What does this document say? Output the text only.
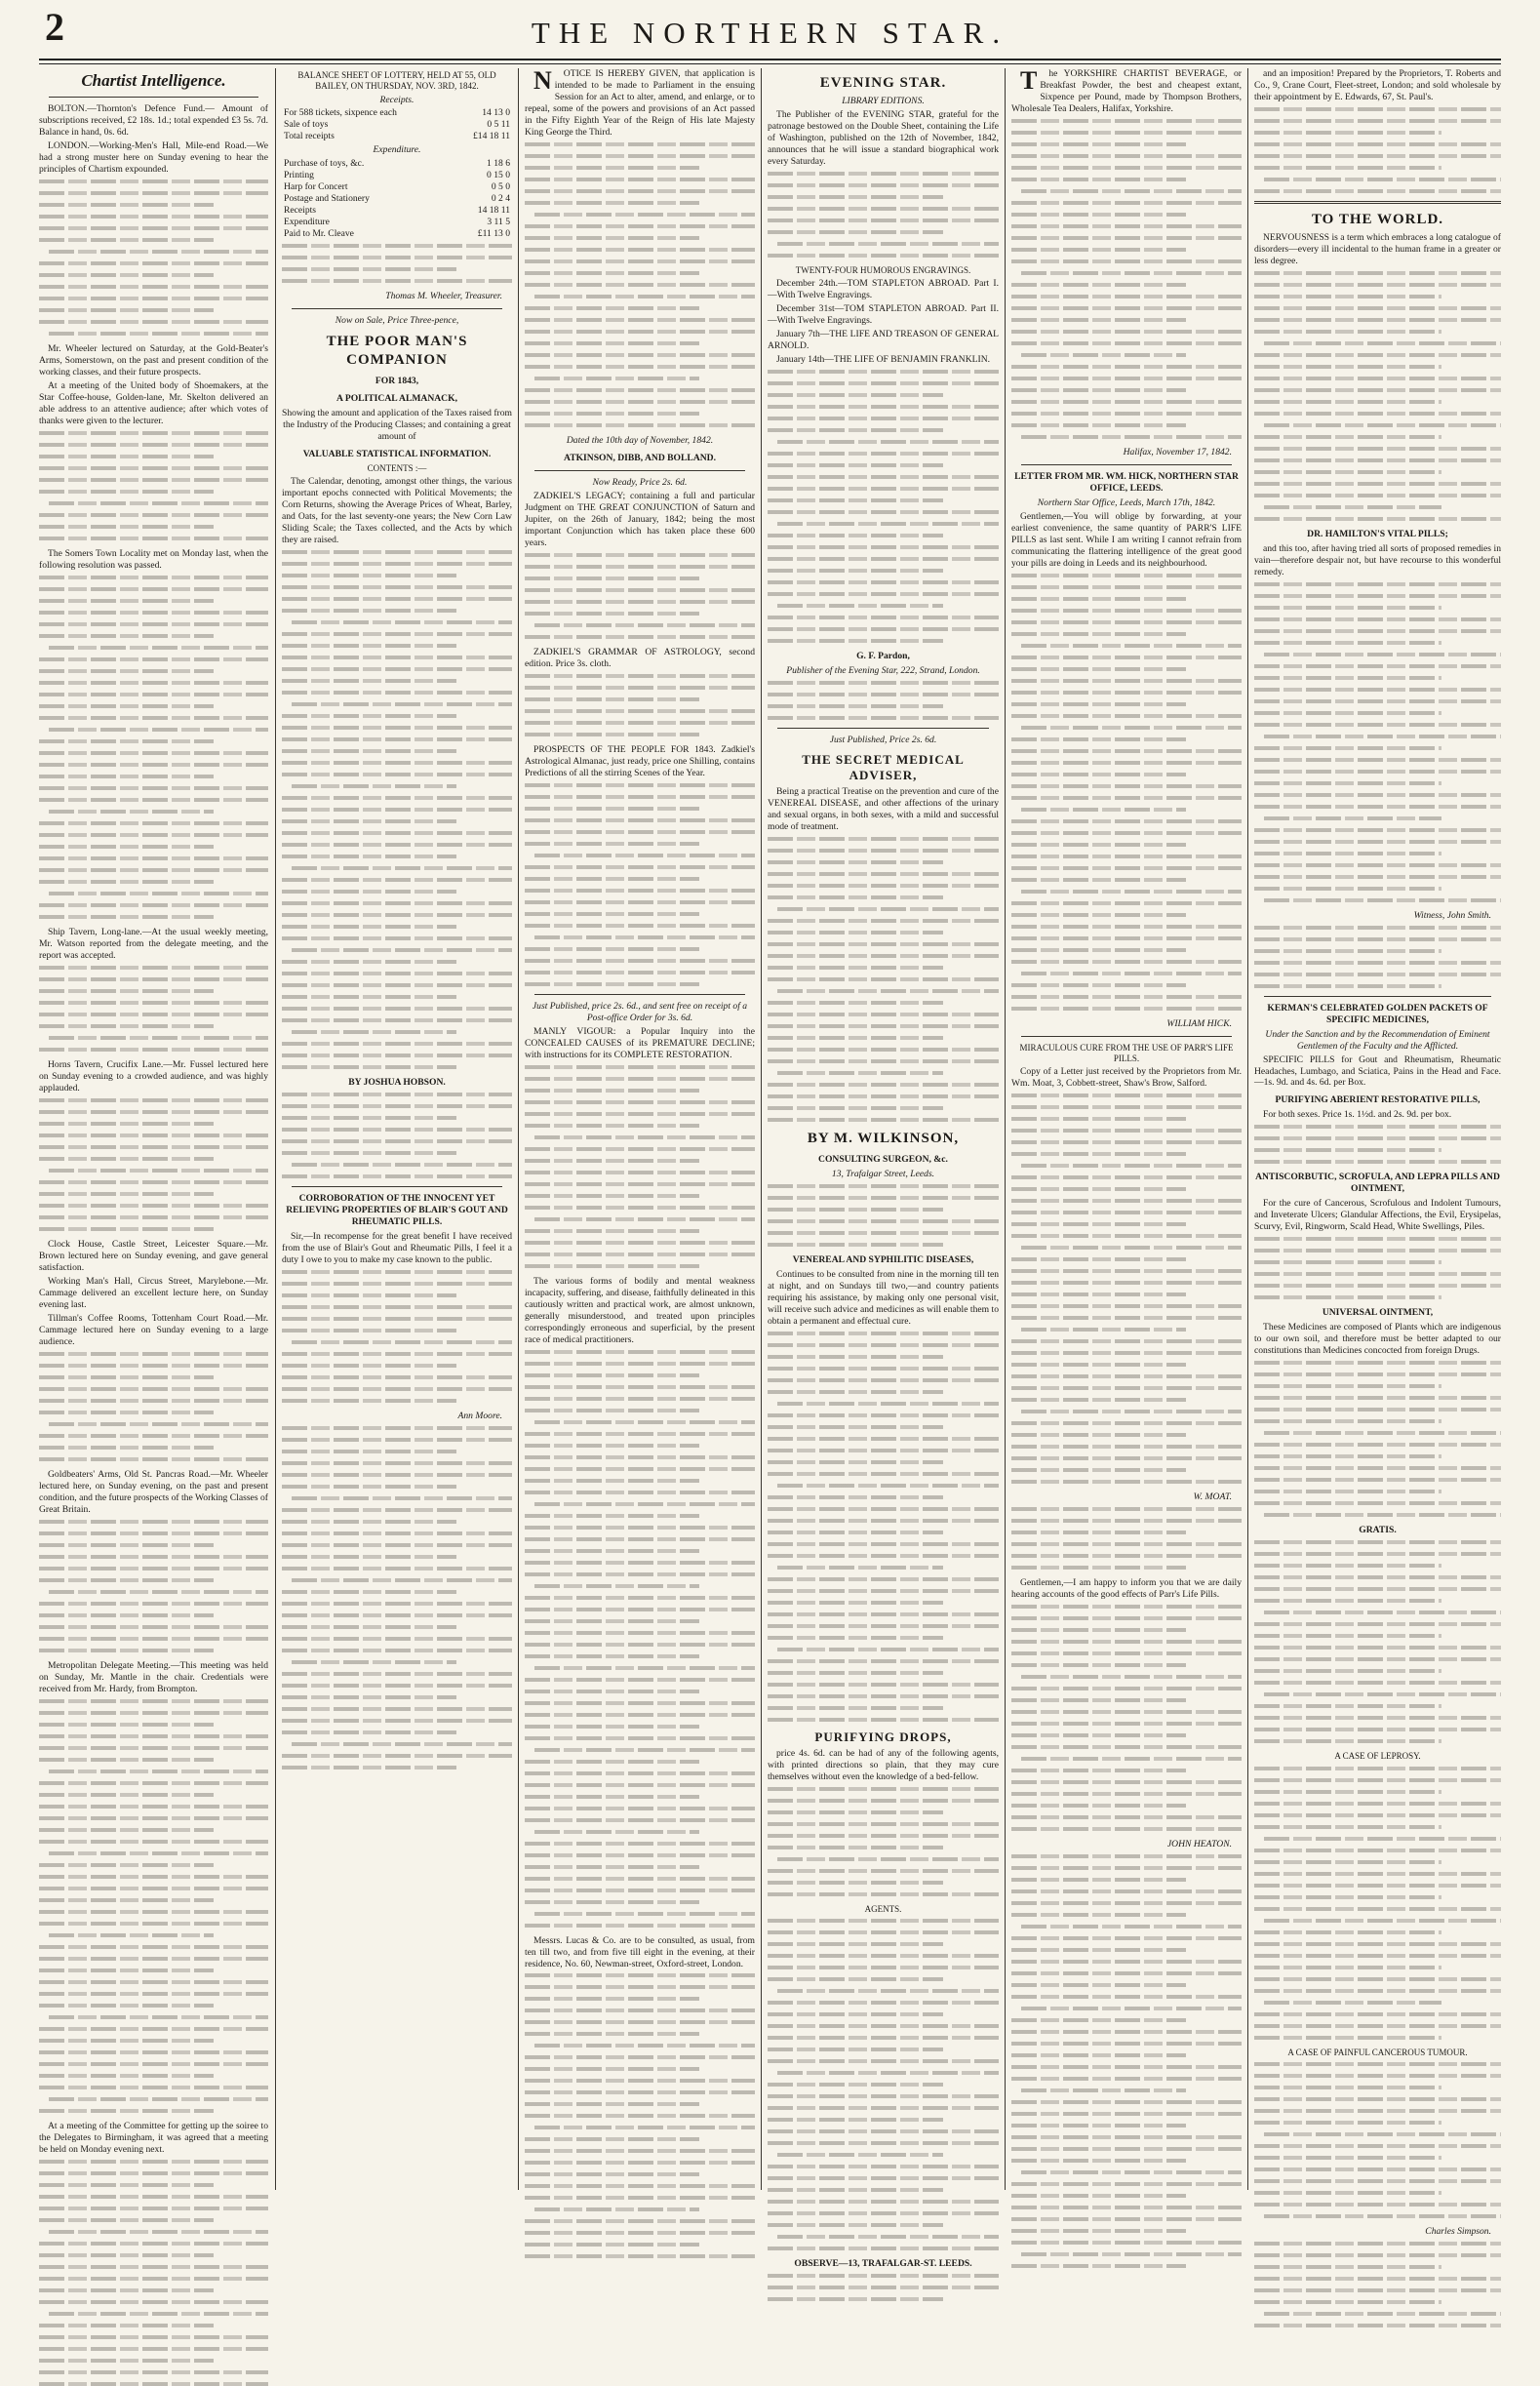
2	THE NORTHERN STAR.
Chartist Intelligence.

BOLTON.—Thornton's Defence Fund.— Amount of subscriptions received, £2 18s. 1d.; total expended £3 5s. 7d. Balance in hand, 0s. 6d.

LONDON.—Working-Men's Hall, Mile-end Road.—We had a strong muster here on Sunday evening to hear the principles of Chartism expounded.

Mr. Wheeler lectured on Saturday, at the Gold-Beater's Arms, Somerstown, on the past and present condition of the working classes, and their future prospects.

At a meeting of the United body of Shoemakers, at the Star Coffee-house, Golden-lane, Mr. Skelton delivered an able address to an attentive audience; after which votes of thanks were given to the lecturer.

The Somers Town Locality met on Monday last, when the following resolution was passed.

Ship Tavern, Long-lane.—At the usual weekly meeting, Mr. Watson reported from the delegate meeting, and the report was accepted.

Horns Tavern, Crucifix Lane.—Mr. Fussel lectured here on Sunday evening to a crowded audience, and was highly applauded.

Clock House, Castle Street, Leicester Square.—Mr. Brown lectured here on Sunday evening, and gave general satisfaction.

Working Man's Hall, Circus Street, Marylebone.—Mr. Cammage delivered an excellent lecture here, on Sunday evening last.

Tillman's Coffee Rooms, Tottenham Court Road.—Mr. Cammage lectured here on Sunday evening to a large audience.

Goldbeaters' Arms, Old St. Pancras Road.—Mr. Wheeler lectured here, on Sunday evening, on the past and present condition, and the future prospects of the Working Classes of Great Britain.

Metropolitan Delegate Meeting.—This meeting was held on Sunday, Mr. Mantle in the chair. Credentials were received from Mr. Hardy, from Brompton.

At a meeting of the Committee for getting up the soiree to the Delegates to Birmingham, it was agreed that a meeting be held on Monday evening next.

BALANCE SHEET OF LOTTERY, HELD AT 55, OLD BAILEY, ON THURSDAY, NOV. 3RD, 1842.
Receipts.
For 588 tickets, sixpence each	14 13 0
Sale of toys	0 5 11
Total receipts	£14 18 11
Expenditure.
Purchase of toys, &c.	1 18 6
Printing	0 15 0
Harp for Concert	0 5 0
Postage and Stationery	0 2 4
Receipts	14 18 11
Expenditure	3 11 5
Paid to Mr. Cleave	£11 13 0
Thomas M. Wheeler, Treasurer.
Now on Sale, Price Three-pence,
THE POOR MAN'S COMPANION
FOR 1843,
A POLITICAL ALMANACK,

Showing the amount and application of the Taxes raised from the Industry of the Producing Classes; and containing a great amount of

VALUABLE STATISTICAL INFORMATION.
CONTENTS :—

The Calendar, denoting, amongst other things, the various important epochs connected with Political Movements; the Corn Returns, showing the Average Prices of Wheat, Barley, and Oats, for the last seventy-one years; the New Corn Law Sliding Scale; the Taxes collected, and the Acts by which they are raised.

BY JOSHUA HOBSON.
CORROBORATION OF THE INNOCENT YET RELIEVING PROPERTIES OF BLAIR'S GOUT AND RHEUMATIC PILLS.

Sir,—In recompense for the great benefit I have received from the use of Blair's Gout and Rheumatic Pills, I feel it a duty I owe to you to make my case known to the public.

Ann Moore.

NOTICE IS HEREBY GIVEN, that application is intended to be made to Parliament in the ensuing Session for an Act to alter, amend, and enlarge, or to repeal, some of the powers and provisions of an Act passed in the Fifty Eighth Year of the Reign of His late Majesty King George the Third.

Dated the 10th day of November, 1842.
ATKINSON, DIBB, AND BOLLAND.
Now Ready, Price 2s. 6d.

ZADKIEL'S LEGACY; containing a full and particular Judgment on THE GREAT CONJUNCTION of Saturn and Jupiter, on the 26th of January, 1842; being the most important Conjunction which has taken place these 600 years.

ZADKIEL'S GRAMMAR OF ASTROLOGY, second edition. Price 3s. cloth.

PROSPECTS OF THE PEOPLE FOR 1843. Zadkiel's Astrological Almanac, just ready, price one Shilling, contains Predictions of all the stirring Scenes of the Year.

Just Published, price 2s. 6d., and sent free on receipt of a Post-office Order for 3s. 6d.

MANLY VIGOUR: a Popular Inquiry into the CONCEALED CAUSES of its PREMATURE DECLINE; with instructions for its COMPLETE RESTORATION.

The various forms of bodily and mental weakness incapacity, suffering, and disease, faithfully delineated in this cautiously written and practical work, are almost unknown, generally misunderstood, and treated upon principles correspondingly erroneous and superficial, by the present race of medical practitioners.

Messrs. Lucas & Co. are to be consulted, as usual, from ten till two, and from five till eight in the evening, at their residence, No. 60, Newman-street, Oxford-street, London.

EVENING STAR.
LIBRARY EDITIONS.

The Publisher of the EVENING STAR, grateful for the patronage bestowed on the Double Sheet, containing the Life of Washington, published on the 12th of November, 1842, announces that he will issue a standard biographical work every Saturday.

TWENTY-FOUR HUMOROUS ENGRAVINGS.

December 24th.—TOM STAPLETON ABROAD. Part I.—With Twelve Engravings.

December 31st—TOM STAPLETON ABROAD. Part II.—With Twelve Engravings.

January 7th—THE LIFE AND TREASON OF GENERAL ARNOLD.

January 14th—THE LIFE OF BENJAMIN FRANKLIN.

G. F. Pardon,
Publisher of the Evening Star, 222, Strand, London.
Just Published, Price 2s. 6d.
THE SECRET MEDICAL ADVISER,

Being a practical Treatise on the prevention and cure of the VENEREAL DISEASE, and other affections of the urinary and sexual organs, in both sexes, with a mild and successful mode of treatment.

BY M. WILKINSON,
CONSULTING SURGEON, &c.
13, Trafalgar Street, Leeds.
VENEREAL AND SYPHILITIC DISEASES,

Continues to be consulted from nine in the morning till ten at night, and on Sundays till two,—and country patients requiring his assistance, by making only one personal visit, will receive such advice and medicines as will enable them to obtain a permanent and effectual cure.

PURIFYING DROPS,

price 4s. 6d. can be had of any of the following agents, with printed directions so plain, that they may cure themselves without even the knowledge of a bed-fellow.

AGENTS.
OBSERVE—13, TRAFALGAR-ST. LEEDS.

The YORKSHIRE CHARTIST BEVERAGE, or Breakfast Powder, the best and cheapest extant, Sixpence per Pound, made by Thompson Brothers, Wholesale Tea Dealers, Halifax, Yorkshire.

Halifax, November 17, 1842.
LETTER FROM MR. WM. HICK, NORTHERN STAR OFFICE, LEEDS.
Northern Star Office, Leeds, March 17th, 1842.

Gentlemen,—You will oblige by forwarding, at your earliest convenience, the same quantity of PARR'S LIFE PILLS as last sent. While I am writing I cannot refrain from communicating the flattering intelligence of the great good your pills are doing in Leeds and its neighbourhood.

WILLIAM HICK.
MIRACULOUS CURE FROM THE USE OF PARR'S LIFE PILLS.

Copy of a Letter just received by the Proprietors from Mr. Wm. Moat, 3, Cobbett-street, Shaw's Brow, Salford.

W. MOAT.

Gentlemen,—I am happy to inform you that we are daily hearing accounts of the good effects of Parr's Life Pills.

JOHN HEATON.

and an imposition! Prepared by the Proprietors, T. Roberts and Co., 9, Crane Court, Fleet-street, London; and sold wholesale by their appointment by E. Edwards, 67, St. Paul's.

TO THE WORLD.

NERVOUSNESS is a term which embraces a long catalogue of disorders—every ill incidental to the human frame in a greater or less degree.

DR. HAMILTON'S VITAL PILLS;

and this too, after having tried all sorts of proposed remedies in vain—therefore despair not, but have recourse to this wonderful remedy.

Witness, John Smith.
KERMAN'S CELEBRATED GOLDEN PACKETS OF SPECIFIC MEDICINES,
Under the Sanction and by the Recommendation of Eminent Gentlemen of the Faculty and the Afflicted.

SPECIFIC PILLS for Gout and Rheumatism, Rheumatic Headaches, Lumbago, and Sciatica, Pains in the Head and Face.—1s. 9d. and 4s. 6d. per Box.

PURIFYING ABERIENT RESTORATIVE PILLS,

For both sexes. Price 1s. 1½d. and 2s. 9d. per box.

ANTISCORBUTIC, SCROFULA, AND LEPRA PILLS AND OINTMENT,

For the cure of Cancerous, Scrofulous and Indolent Tumours, and Inveterate Ulcers; Glandular Affections, the Evil, Erysipelas, Scurvy, Evil, Ringworm, Scald Head, White Swellings, Piles.

UNIVERSAL OINTMENT,

These Medicines are composed of Plants which are indigenous to our own soil, and therefore must be better adapted to our constitutions than Medicines concocted from foreign Drugs.

GRATIS.
A CASE OF LEPROSY.
A CASE OF PAINFUL CANCEROUS TUMOUR.
Charles Simpson.
